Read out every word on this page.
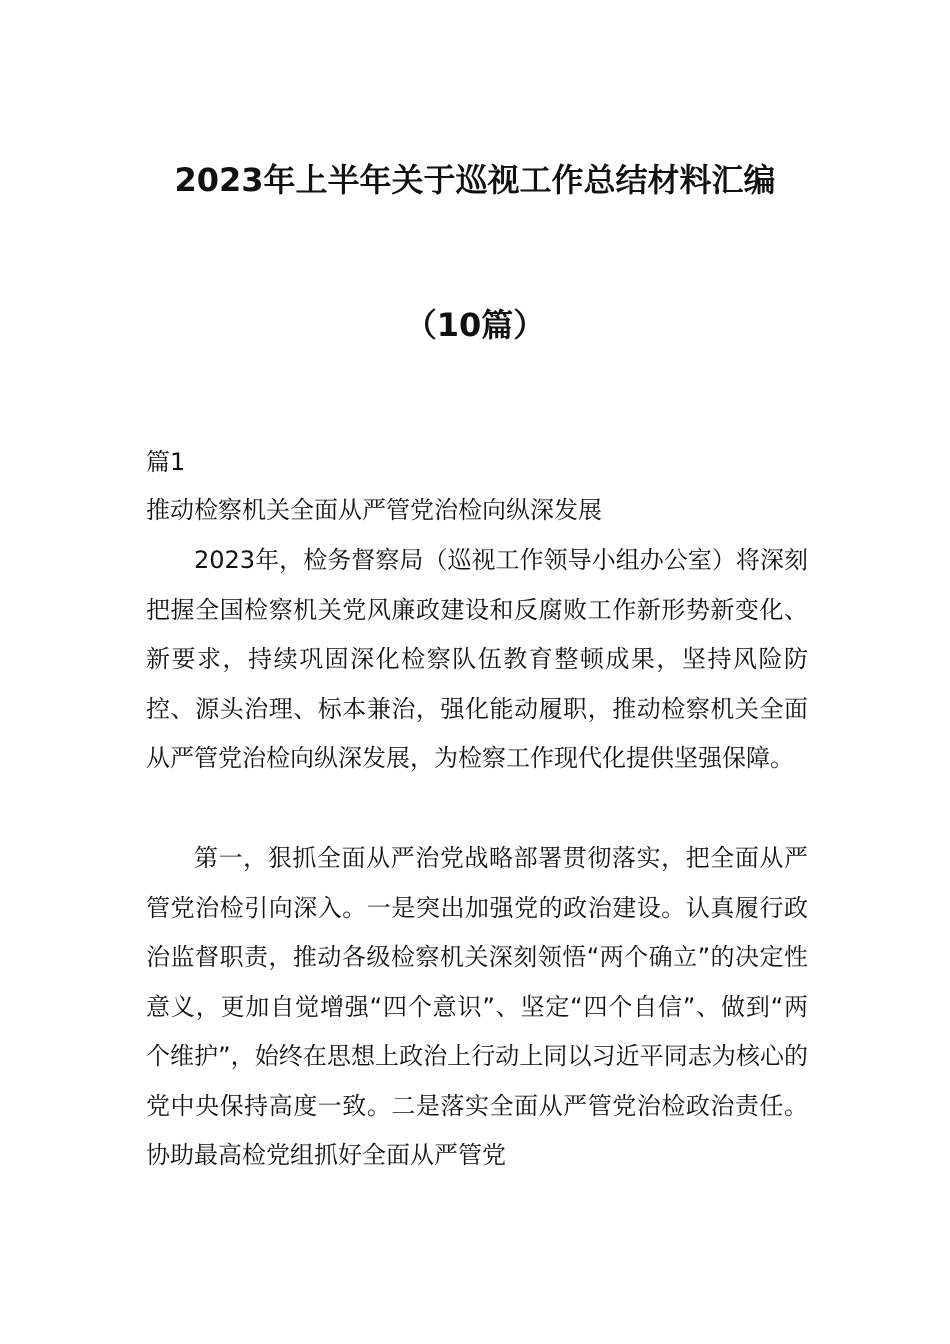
2023年上半年关于巡视工作总结材料汇编
（10篇）
篇1
推动检察机关全面从严管党治检向纵深发展
2023年，检务督察局（巡视工作领导小组办公室）将深刻把握全国检察机关党风廉政建设和反腐败工作新形势新变化、新要求，持续巩固深化检察队伍教育整顿成果，坚持风险防控、源头治理、标本兼治，强化能动履职，推动检察机关全面从严管党治检向纵深发展，为检察工作现代化提供坚强保障。
第一，狠抓全面从严治党战略部署贯彻落实，把全面从严管党治检引向深入。一是突出加强党的政治建设。认真履行政治监督职责，推动各级检察机关深刻领悟“两个确立”的决定性意义，更加自觉增强“四个意识”、坚定“四个自信”、做到“两个维护”，始终在思想上政治上行动上同以习近平同志为核心的党中央保持高度一致。二是落实全面从严管党治检政治责任。协助最高检党组抓好全面从严管党
